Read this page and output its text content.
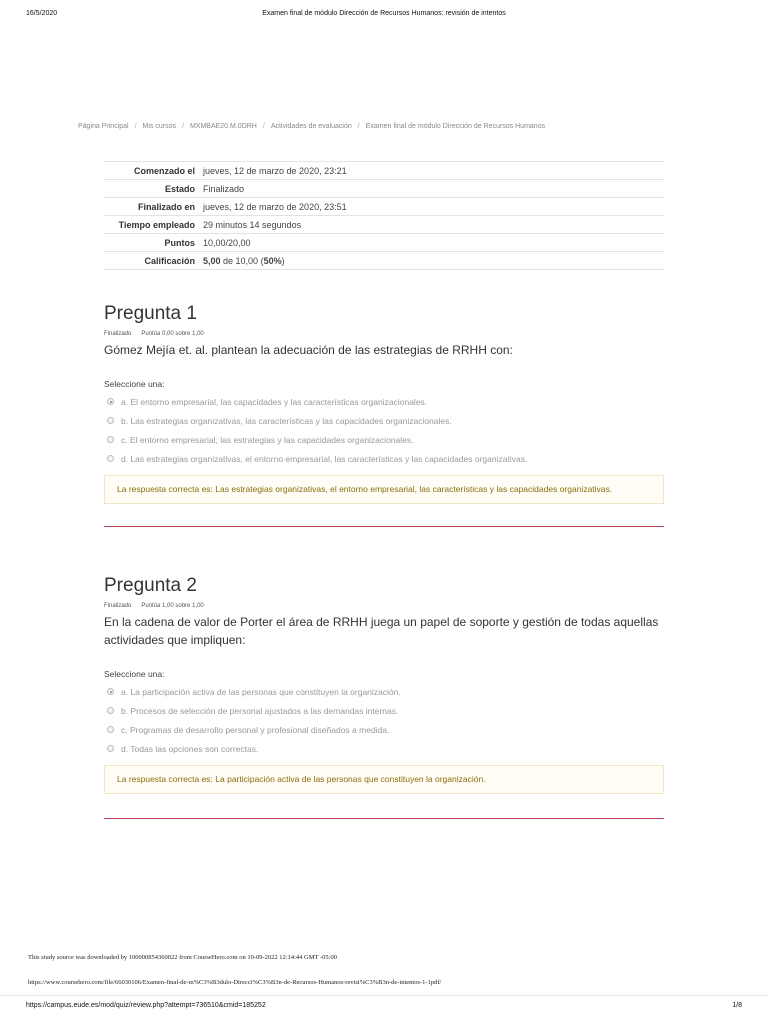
16/5/2020	Examen final de módulo Dirección de Recursos Humanos: revisión de intentos
Página Principal / Mis cursos / MXMBAE20.M.0DRH / Actividades de evaluación / Examen final de módulo Dirección de Recursos Humanos
Comenzado el	jueves, 12 de marzo de 2020, 23:21
Estado	Finalizado
Finalizado en	jueves, 12 de marzo de 2020, 23:51
Tiempo empleado	29 minutos 14 segundos
Puntos	10,00/20,00
Calificación	5,00 de 10,00 (50%)
Pregunta 1
Finalizado Puntúa 0,00 sobre 1,00
Gómez Mejía et. al. plantean la adecuación de las estrategias de RRHH con:
Seleccione una:
a. El entorno empresarial, las capacidades y las características organizacionales.
b. Las estrategias organizativas, las características y las capacidades organizacionales.
c. El entorno empresarial, las estrategias y las capacidades organizacionales.
d. Las estrategias organizativas, el entorno empresarial, las características y las capacidades organizativas.
La respuesta correcta es: Las estrategias organizativas, el entorno empresarial, las características y las capacidades organizativas.
Pregunta 2
Finalizado Puntúa 1,00 sobre 1,00
En la cadena de valor de Porter el área de RRHH juega un papel de soporte y gestión de todas aquellas actividades que impliquen:
Seleccione una:
a. La participación activa de las personas que constituyen la organización.
b. Procesos de selección de personal ajustados a las demandas internas.
c. Programas de desarrollo personal y profesional diseñados a medida.
d. Todas las opciones son correctas.
La respuesta correcta es: La participación activa de las personas que constituyen la organización.
This study source was downloaded by 100000854360022 from CourseHero.com on 10-09-2022 12:14:44 GMT -05:00
https://www.coursehero.com/file/66030106/Examen-final-de-m%C3%B3dulo-Direcci%C3%B3n-de-Recursos-Humanos-revisi%C3%B3n-de-intentos-1-1pdf/
https://campus.eude.es/mod/quiz/review.php?attempt=736510&cmid=185252	1/8
